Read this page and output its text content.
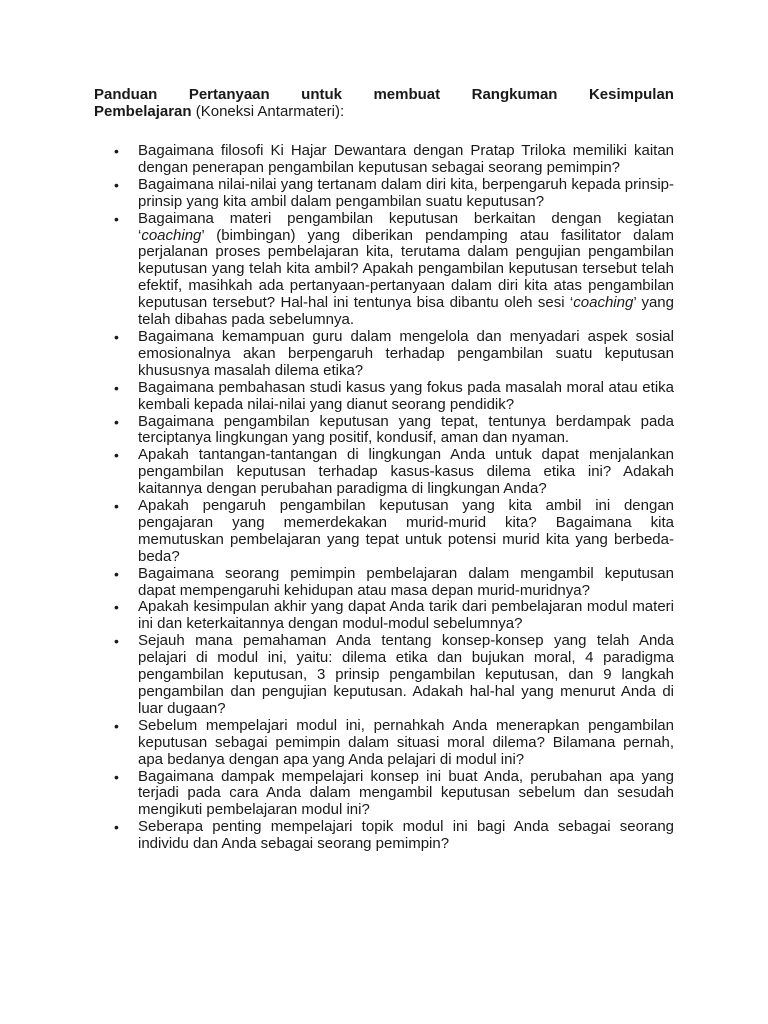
Panduan Pertanyaan untuk membuat Rangkuman Kesimpulan
Pembelajaran (Koneksi Antarmateri):
• Bagaimana filosofi Ki Hajar Dewantara dengan Pratap Triloka memiliki kaitan dengan penerapan pengambilan keputusan sebagai seorang pemimpin?
• Bagaimana nilai-nilai yang tertanam dalam diri kita, berpengaruh kepada prinsip-prinsip yang kita ambil dalam pengambilan suatu keputusan?
• Bagaimana materi pengambilan keputusan berkaitan dengan kegiatan ‘coaching’ (bimbingan) yang diberikan pendamping atau fasilitator dalam perjalanan proses pembelajaran kita, terutama dalam pengujian pengambilan keputusan yang telah kita ambil? Apakah pengambilan keputusan tersebut telah efektif, masihkah ada pertanyaan-pertanyaan dalam diri kita atas pengambilan keputusan tersebut? Hal-hal ini tentunya bisa dibantu oleh sesi ‘coaching’ yang telah dibahas pada sebelumnya.
• Bagaimana kemampuan guru dalam mengelola dan menyadari aspek sosial emosionalnya akan berpengaruh terhadap pengambilan suatu keputusan khususnya masalah dilema etika?
• Bagaimana pembahasan studi kasus yang fokus pada masalah moral atau etika kembali kepada nilai-nilai yang dianut seorang pendidik?
• Bagaimana pengambilan keputusan yang tepat, tentunya berdampak pada terciptanya lingkungan yang positif, kondusif, aman dan nyaman.
• Apakah tantangan-tantangan di lingkungan Anda untuk dapat menjalankan pengambilan keputusan terhadap kasus-kasus dilema etika ini? Adakah kaitannya dengan perubahan paradigma di lingkungan Anda?
• Apakah pengaruh pengambilan keputusan yang kita ambil ini dengan pengajaran yang memerdekakan murid-murid kita? Bagaimana kita memutuskan pembelajaran yang tepat untuk potensi murid kita yang berbeda-beda?
• Bagaimana seorang pemimpin pembelajaran dalam mengambil keputusan dapat mempengaruhi kehidupan atau masa depan murid-muridnya?
• Apakah kesimpulan akhir yang dapat Anda tarik dari pembelajaran modul materi ini dan keterkaitannya dengan modul-modul sebelumnya?
• Sejauh mana pemahaman Anda tentang konsep-konsep yang telah Anda pelajari di modul ini, yaitu: dilema etika dan bujukan moral, 4 paradigma pengambilan keputusan, 3 prinsip pengambilan keputusan, dan 9 langkah pengambilan dan pengujian keputusan. Adakah hal-hal yang menurut Anda di luar dugaan?
• Sebelum mempelajari modul ini, pernahkah Anda menerapkan pengambilan keputusan sebagai pemimpin dalam situasi moral dilema? Bilamana pernah, apa bedanya dengan apa yang Anda pelajari di modul ini?
• Bagaimana dampak mempelajari konsep ini buat Anda, perubahan apa yang terjadi pada cara Anda dalam mengambil keputusan sebelum dan sesudah mengikuti pembelajaran modul ini?
• Seberapa penting mempelajari topik modul ini bagi Anda sebagai seorang individu dan Anda sebagai seorang pemimpin?
